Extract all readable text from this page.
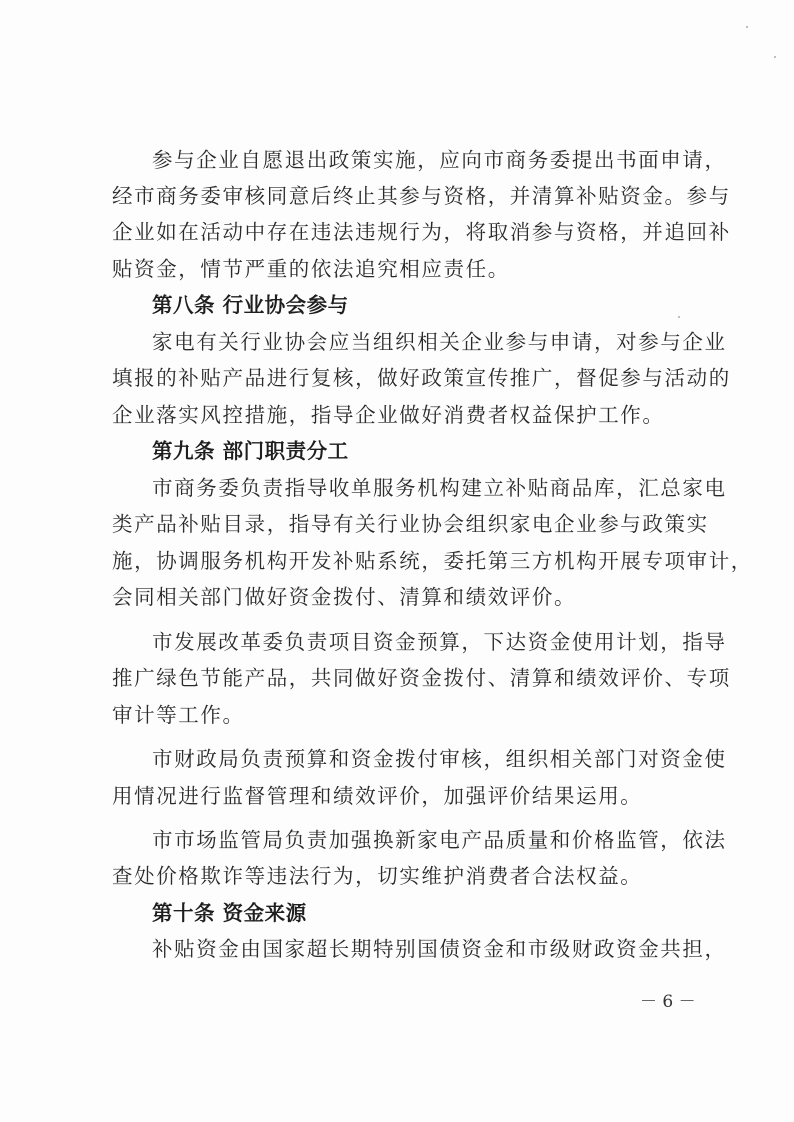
参与企业自愿退出政策实施，应向市商务委提出书面申请，
经市商务委审核同意后终止其参与资格，并清算补贴资金。参与
企业如在活动中存在违法违规行为，将取消参与资格，并追回补
贴资金，情节严重的依法追究相应责任。
第八条 行业协会参与
家电有关行业协会应当组织相关企业参与申请，对参与企业
填报的补贴产品进行复核，做好政策宣传推广，督促参与活动的
企业落实风控措施，指导企业做好消费者权益保护工作。
第九条 部门职责分工
市商务委负责指导收单服务机构建立补贴商品库，汇总家电
类产品补贴目录，指导有关行业协会组织家电企业参与政策实
施，协调服务机构开发补贴系统，委托第三方机构开展专项审计，
会同相关部门做好资金拨付、清算和绩效评价。
市发展改革委负责项目资金预算，下达资金使用计划，指导
推广绿色节能产品，共同做好资金拨付、清算和绩效评价、专项
审计等工作。
市财政局负责预算和资金拨付审核，组织相关部门对资金使
用情况进行监督管理和绩效评价，加强评价结果运用。
市市场监管局负责加强换新家电产品质量和价格监管，依法
查处价格欺诈等违法行为，切实维护消费者合法权益。
第十条 资金来源
补贴资金由国家超长期特别国债资金和市级财政资金共担，
－ 6 －
